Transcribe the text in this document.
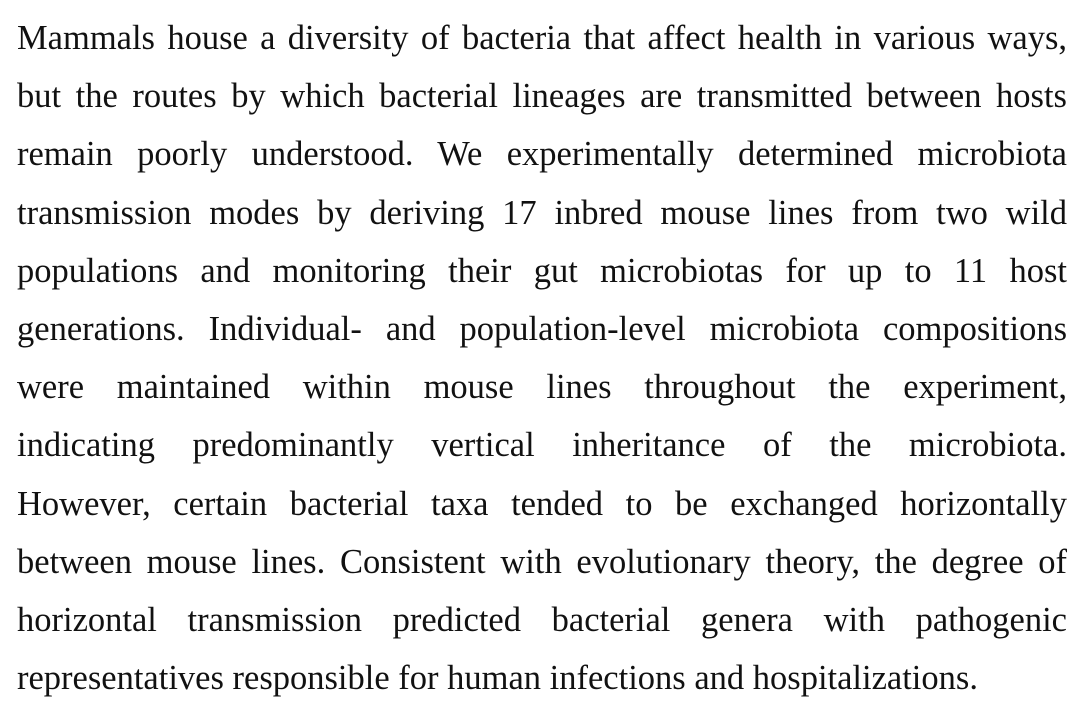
Mammals house a diversity of bacteria that affect health in various ways,
but the routes by which bacterial lineages are transmitted between hosts
remain poorly understood. We experimentally determined microbiota
transmission modes by deriving 17 inbred mouse lines from two wild
populations and monitoring their gut microbiotas for up to 11 host
generations. Individual- and population-level microbiota compositions
were maintained within mouse lines throughout the experiment,
indicating predominantly vertical inheritance of the microbiota.
However, certain bacterial taxa tended to be exchanged horizontally
between mouse lines. Consistent with evolutionary theory, the degree of
horizontal transmission predicted bacterial genera with pathogenic
representatives responsible for human infections and hospitalizations.
